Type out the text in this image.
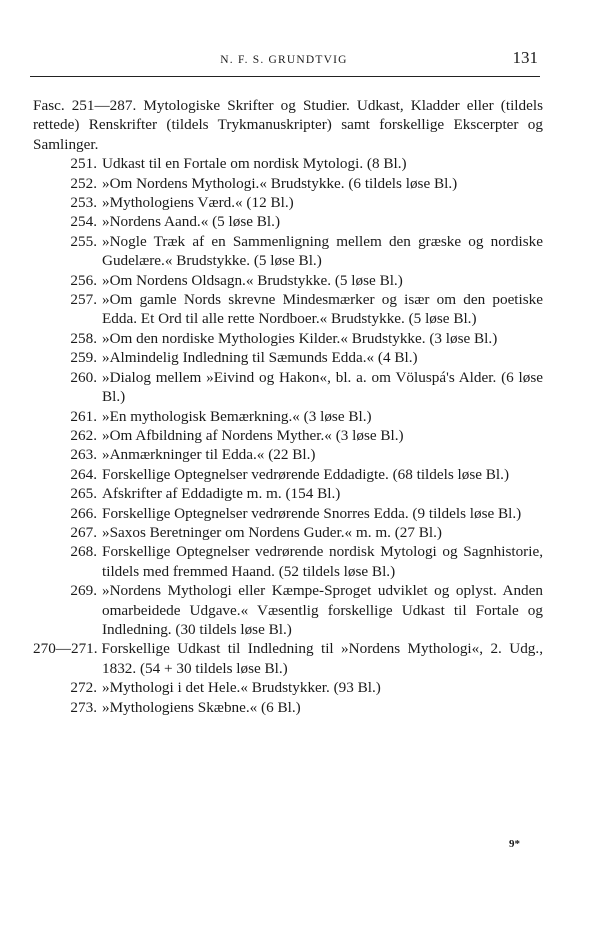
N. F. S. GRUNDTVIG	131
Fasc. 251—287. Mytologiske Skrifter og Studier. Udkast, Kladder eller (tildels rettede) Renskrifter (tildels Trykmanuskripter) samt forskellige Ekscerpter og Samlinger.
251. Udkast til en Fortale om nordisk Mytologi. (8 Bl.)
252. »Om Nordens Mythologi.« Brudstykke. (6 tildels løse Bl.)
253. »Mythologiens Værd.« (12 Bl.)
254. »Nordens Aand.« (5 løse Bl.)
255. »Nogle Træk af en Sammenligning mellem den græske og nordiske Gudelære.« Brudstykke. (5 løse Bl.)
256. »Om Nordens Oldsagn.« Brudstykke. (5 løse Bl.)
257. »Om gamle Nords skrevne Mindesmærker og især om den poetiske Edda. Et Ord til alle rette Nordboer.« Brudstykke. (5 løse Bl.)
258. »Om den nordiske Mythologies Kilder.« Brudstykke. (3 løse Bl.)
259. »Almindelig Indledning til Sæmunds Edda.« (4 Bl.)
260. »Dialog mellem »Eivind og Hakon«, bl. a. om Völuspá's Alder. (6 løse Bl.)
261. »En mythologisk Bemærkning.« (3 løse Bl.)
262. »Om Afbildning af Nordens Myther.« (3 løse Bl.)
263. »Anmærkninger til Edda.« (22 Bl.)
264. Forskellige Optegnelser vedrørende Eddadigte. (68 tildels løse Bl.)
265. Afskrifter af Eddadigte m. m. (154 Bl.)
266. Forskellige Optegnelser vedrørende Snorres Edda. (9 tildels løse Bl.)
267. »Saxos Beretninger om Nordens Guder.« m. m. (27 Bl.)
268. Forskellige Optegnelser vedrørende nordisk Mytologi og Sagnhistorie, tildels med fremmed Haand. (52 tildels løse Bl.)
269. »Nordens Mythologi eller Kæmpe-Sproget udviklet og oplyst. Anden omarbeidede Udgave.« Væsentlig forskellige Udkast til Fortale og Indledning. (30 tildels løse Bl.)
270—271. Forskellige Udkast til Indledning til »Nordens Mythologi«, 2. Udg., 1832. (54 + 30 tildels løse Bl.)
272. »Mythologi i det Hele.« Brudstykker. (93 Bl.)
273. »Mythologiens Skæbne.« (6 Bl.)
9*
